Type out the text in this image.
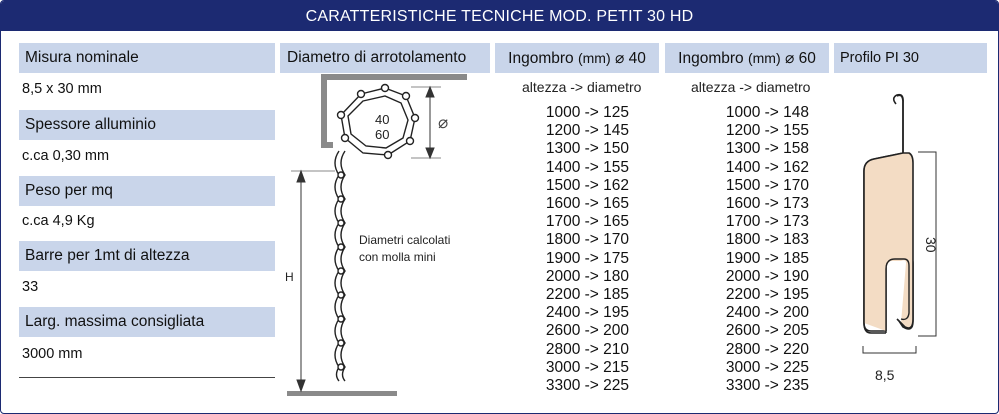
CARATTERISTICHE TECNICHE MOD. PETIT 30 HD
Misura nominale
8,5 x 30 mm
Spessore alluminio
c.ca 0,30 mm
Peso per mq
c.ca 4,9 Kg
Barre per 1mt di altezza
33
Larg. massima consigliata
3000 mm
Diametro di arrotolamento
40
60
⌀
H
Diametri calcolati
con molla mini
Ingombro (mm) ⌀ 40
altezza -> diametro
1000 -> 125
1200 -> 145
1300 -> 150
1400 -> 155
1500 -> 162
1600 -> 165
1700 -> 165
1800 -> 170
1900 -> 175
2000 -> 180
2200 -> 185
2400 -> 195
2600 -> 200
2800 -> 210
3000 -> 215
3300 -> 225
Ingombro (mm) ⌀ 60
altezza -> diametro
1000 -> 148
1200 -> 155
1300 -> 158
1400 -> 162
1500 -> 170
1600 -> 173
1700 -> 173
1800 -> 183
1900 -> 185
2000 -> 190
2200 -> 195
2400 -> 200
2600 -> 205
2800 -> 220
3000 -> 225
3300 -> 235
Profilo PI 30
30
8,5
